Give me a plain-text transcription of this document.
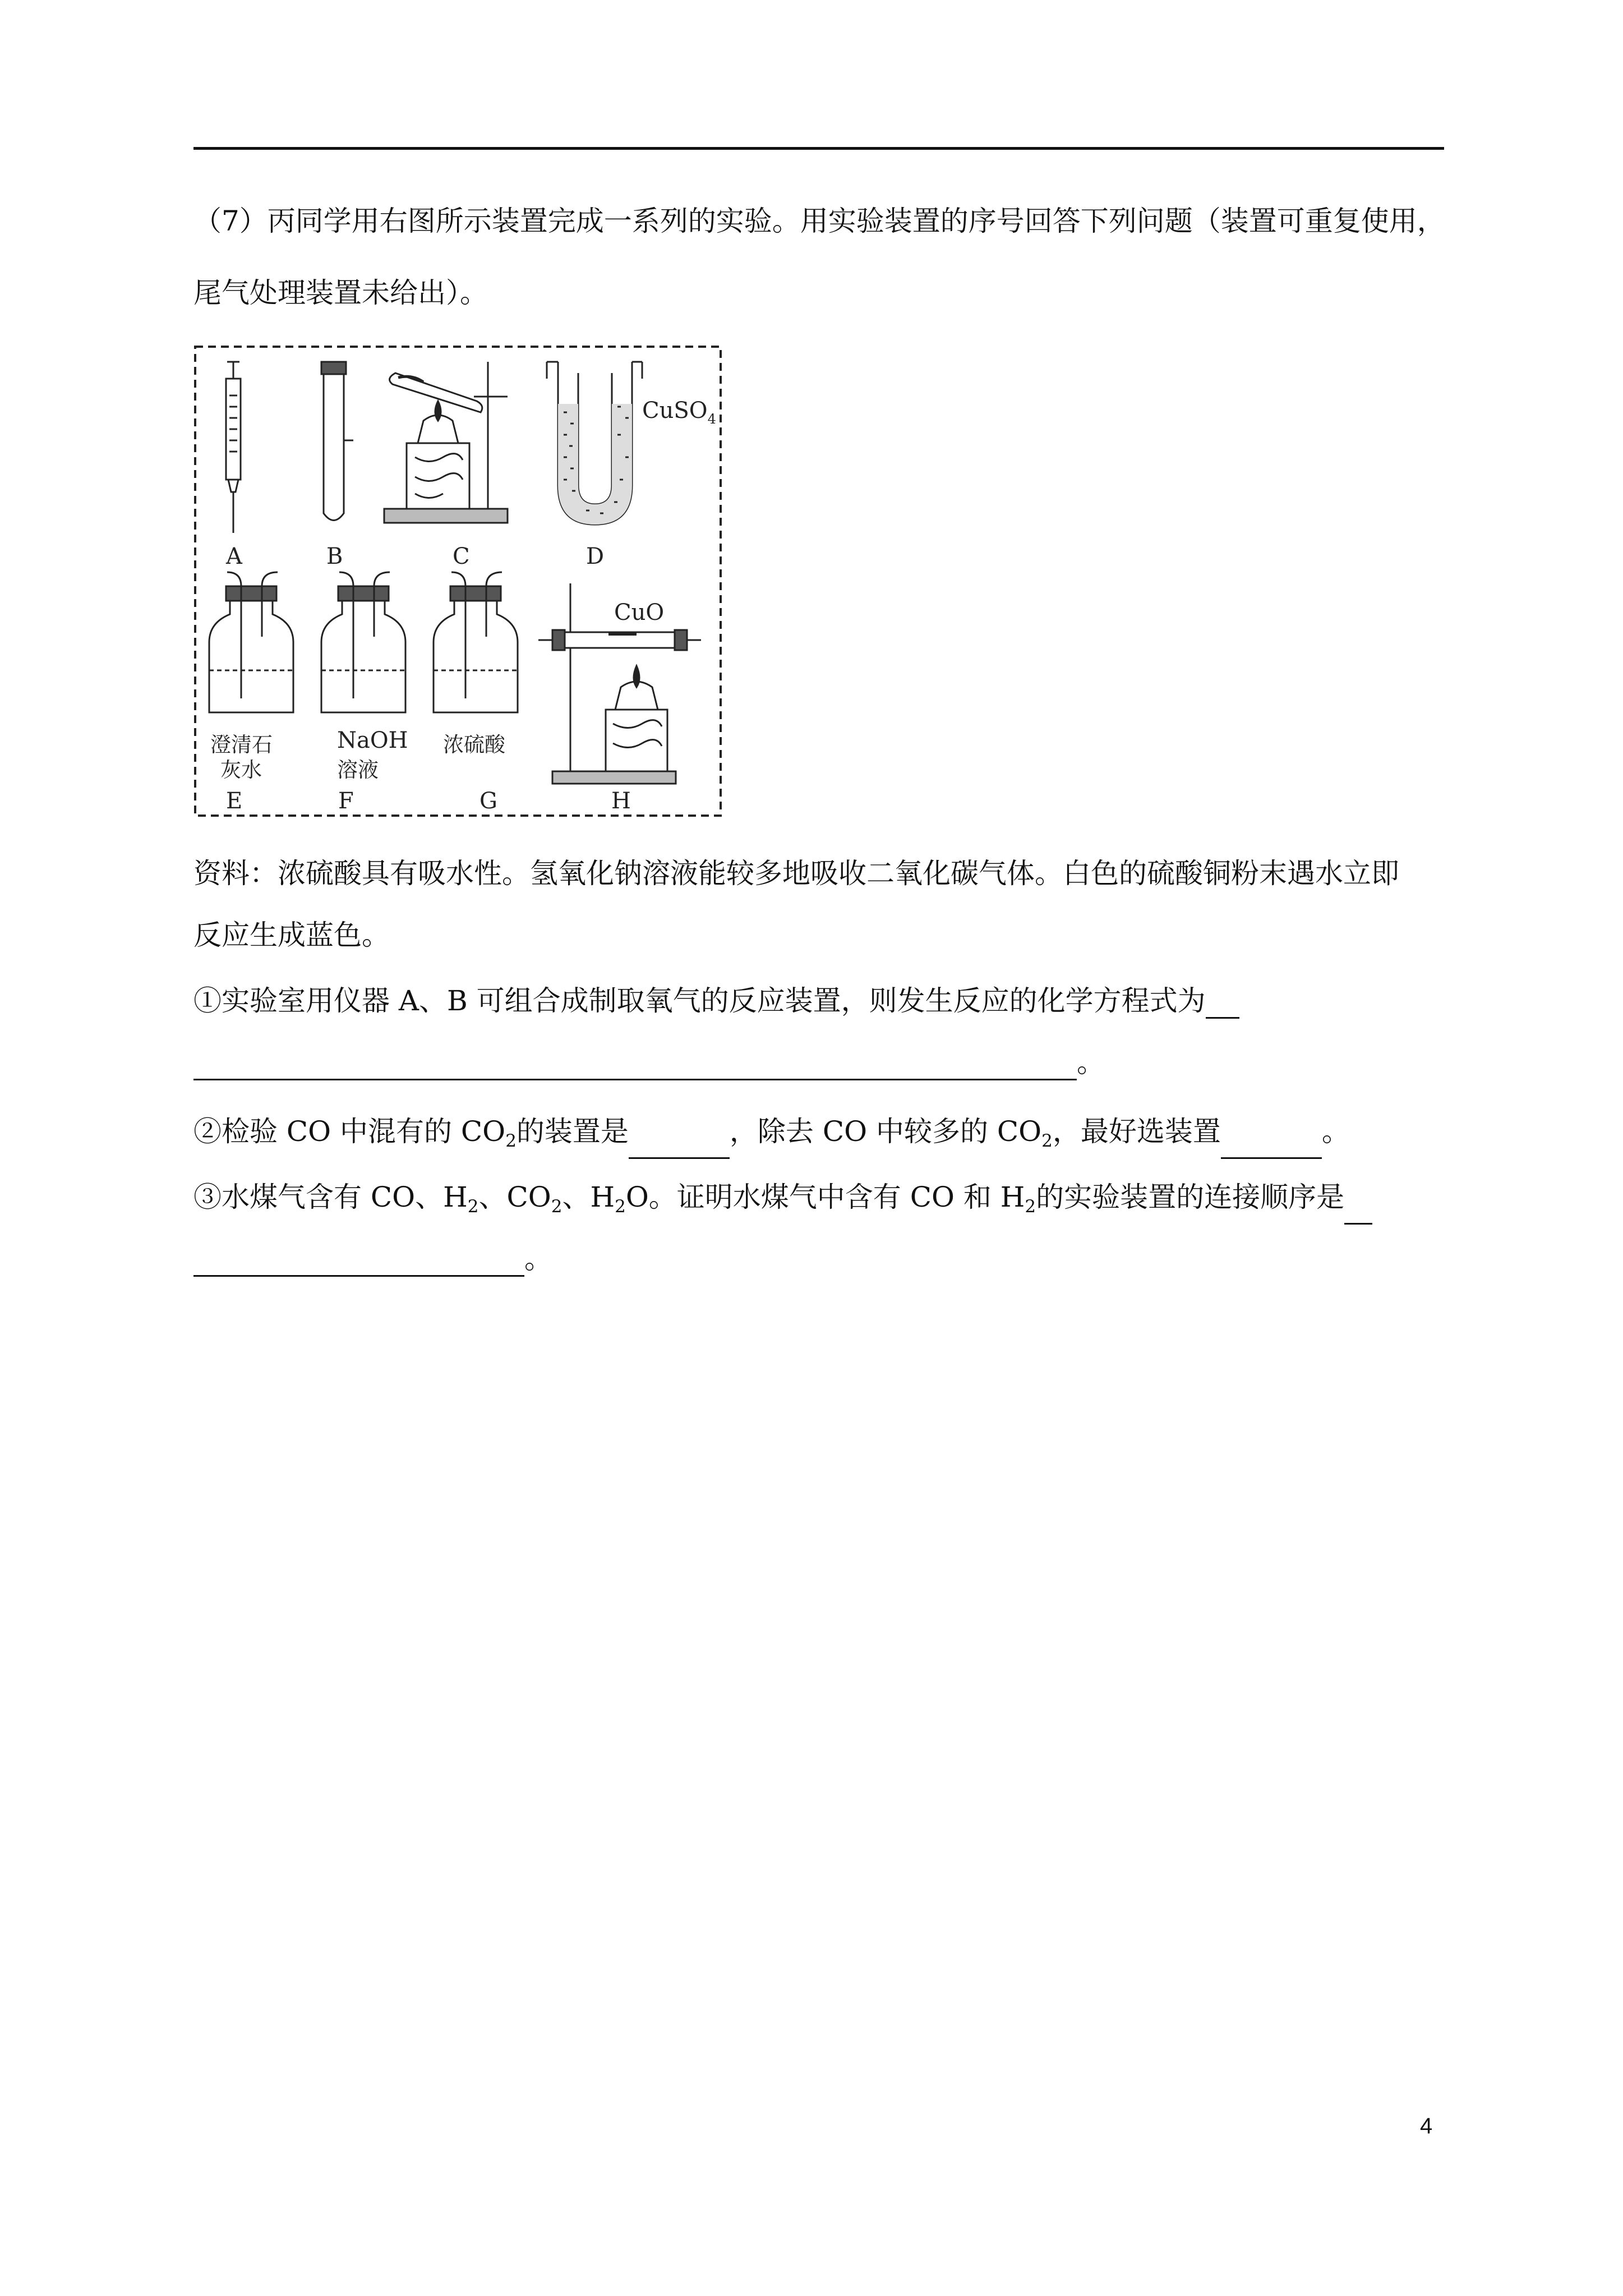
（7）丙同学用右图所示装置完成一系列的实验。用实验装置的序号回答下列问题（装置可重复使用，
尾气处理装置未给出）。
A	B	C
CuSO$_4$
D
澄清石
灰水
NaOH
溶液
浓硫酸
E	F	G
CuO
H
资料：浓硫酸具有吸水性。氢氧化钠溶液能较多地吸收二氧化碳气体。白色的硫酸铜粉末遇水立即
反应生成蓝色。
①实验室用仪器 A、B 可组合成制取氧气的反应装置，则发生反应的化学方程式为
。
②检验 CO 中混有的 $CO_2$的装置是	，除去 CO 中较多的 $CO_2$，最好选装置	。
③水煤气含有 CO、$H_2$、$CO_2$、$H_2O$。证明水煤气中含有 CO 和 $H_2$的实验装置的连接顺序是
。
4
